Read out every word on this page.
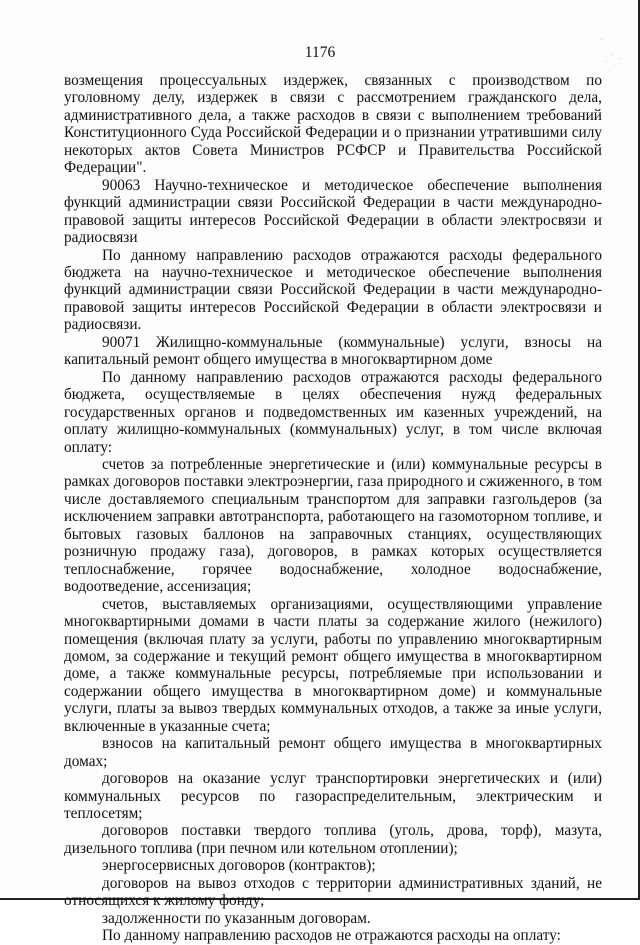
1176

возмещения процессуальных издержек, связанных с производством по уголовному делу, издержек в связи с рассмотрением гражданского дела, административного дела, а также расходов в связи с выполнением требований Конституционного Суда Российской Федерации и о признании утратившими силу некоторых актов Совета Министров РСФСР и Правительства Российской Федерации".

90063 Научно-техническое и методическое обеспечение выполнения функций администрации связи Российской Федерации в части международно-правовой защиты интересов Российской Федерации в области электросвязи и радиосвязи

По данному направлению расходов отражаются расходы федерального бюджета на научно-техническое и методическое обеспечение выполнения функций администрации связи Российской Федерации в части международно-правовой защиты интересов Российской Федерации в области электросвязи и радиосвязи.

90071 Жилищно-коммунальные (коммунальные) услуги, взносы на капитальный ремонт общего имущества в многоквартирном доме

По данному направлению расходов отражаются расходы федерального бюджета, осуществляемые в целях обеспечения нужд федеральных государственных органов и подведомственных им казенных учреждений, на оплату жилищно-коммунальных (коммунальных) услуг, в том числе включая оплату:

счетов за потребленные энергетические и (или) коммунальные ресурсы в рамках договоров поставки электроэнергии, газа природного и сжиженного, в том числе доставляемого специальным транспортом для заправки газгольдеров (за исключением заправки автотранспорта, работающего на газомоторном топливе, и бытовых газовых баллонов на заправочных станциях, осуществляющих розничную продажу газа), договоров, в рамках которых осуществляется теплоснабжение, горячее водоснабжение, холодное водоснабжение, водоотведение, ассенизация;

счетов, выставляемых организациями, осуществляющими управление многоквартирными домами в части платы за содержание жилого (нежилого) помещения (включая плату за услуги, работы по управлению многоквартирным домом, за содержание и текущий ремонт общего имущества в многоквартирном доме, а также коммунальные ресурсы, потребляемые при использовании и содержании общего имущества в многоквартирном доме) и коммунальные услуги, платы за вывоз твердых коммунальных отходов, а также за иные услуги, включенные в указанные счета;

взносов на капитальный ремонт общего имущества в многоквартирных домах;

договоров на оказание услуг транспортировки энергетических и (или) коммунальных ресурсов по газораспределительным, электрическим и теплосетям;

договоров поставки твердого топлива (уголь, дрова, торф), мазута, дизельного топлива (при печном или котельном отоплении);

энергосервисных договоров (контрактов);

договоров на вывоз отходов с территории административных зданий, не относящихся к жилому фонду;

задолженности по указанным договорам.

По данному направлению расходов не отражаются расходы на оплату:
